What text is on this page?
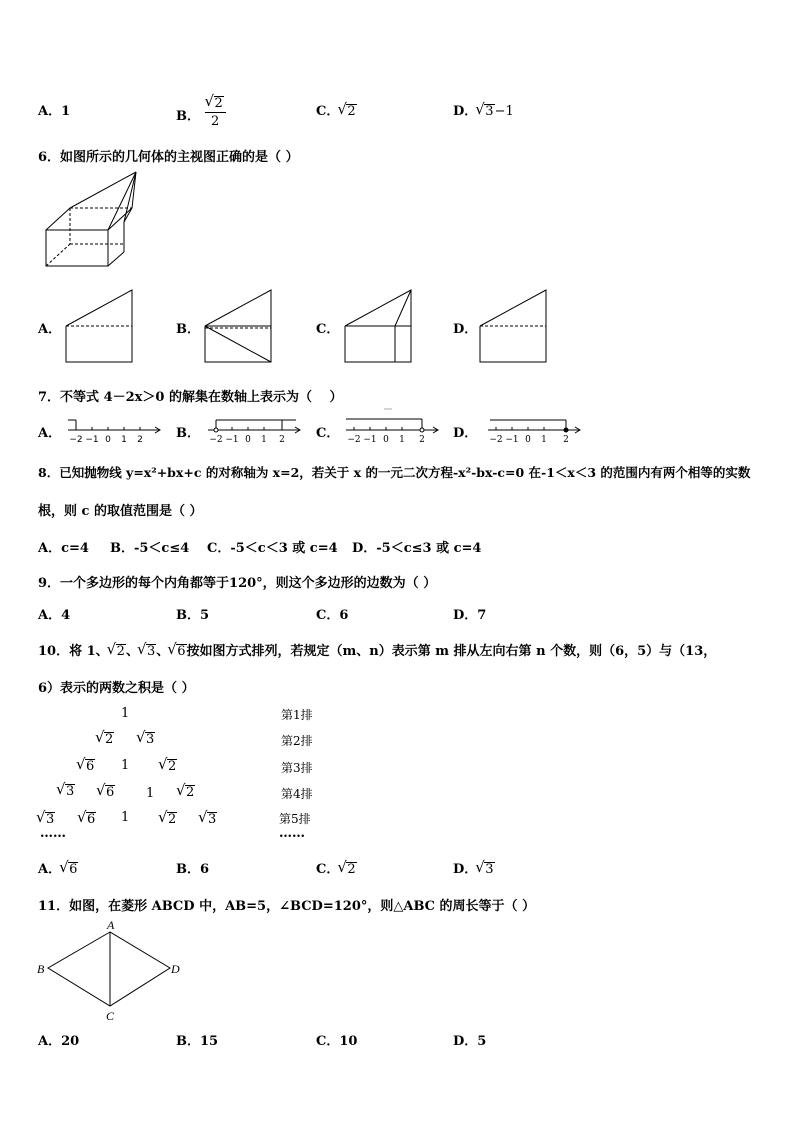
A．1	B． √ $\frac{2}{2}$	C． √ 2	D． √ 3−1
6．如图所示的几何体的主视图正确的是（ ）
A．	B．	C．	D．
7．不等式 4－2x＞0 的解集在数轴上表示为（　 ）
A．	B．	C．	D．
−2 −1 0 1 2	−2 −1 0 1 2	−2 −1 0 1 2	−2 −1 0 1 2
8．已知抛物线 y=x²+bx+c 的对称轴为 x=2，若关于 x 的一元二次方程-x²-bx-c=0 在-1＜x＜3 的范围内有两个相等的实数
根，则 c 的取值范围是（ ）
A．c=4 B．-5＜c≤4 C．-5＜c＜3 或 c=4 D．-5＜c≤3 或 c=4
9．一个多边形的每个内角都等于120°，则这个多边形的边数为（ ）
A．4	B．5	C．6	D．7
10．将 1、 √ 2、 √ 3、 √ 6按如图方式排列，若规定（m、n）表示第 m 排从左向右第 n 个数，则（6，5）与（13，
6）表示的两数之积是（ ）
1
√ 2	√ 3
√ 6 1	√ 2
√ 3	√ 6 1	√ 2
√ 3	√ 6 1	√ 2	√ 3
……
第1排
第2排
第3排
第4排
第5排
……
A． √ 6	B．6	C． √ 2	D． √ 3
11．如图，在菱形 ABCD 中，AB=5，∠BCD=120°，则△ABC 的周长等于（ ）
A
B
C
D
A．20	B．15	C．10	D．5
